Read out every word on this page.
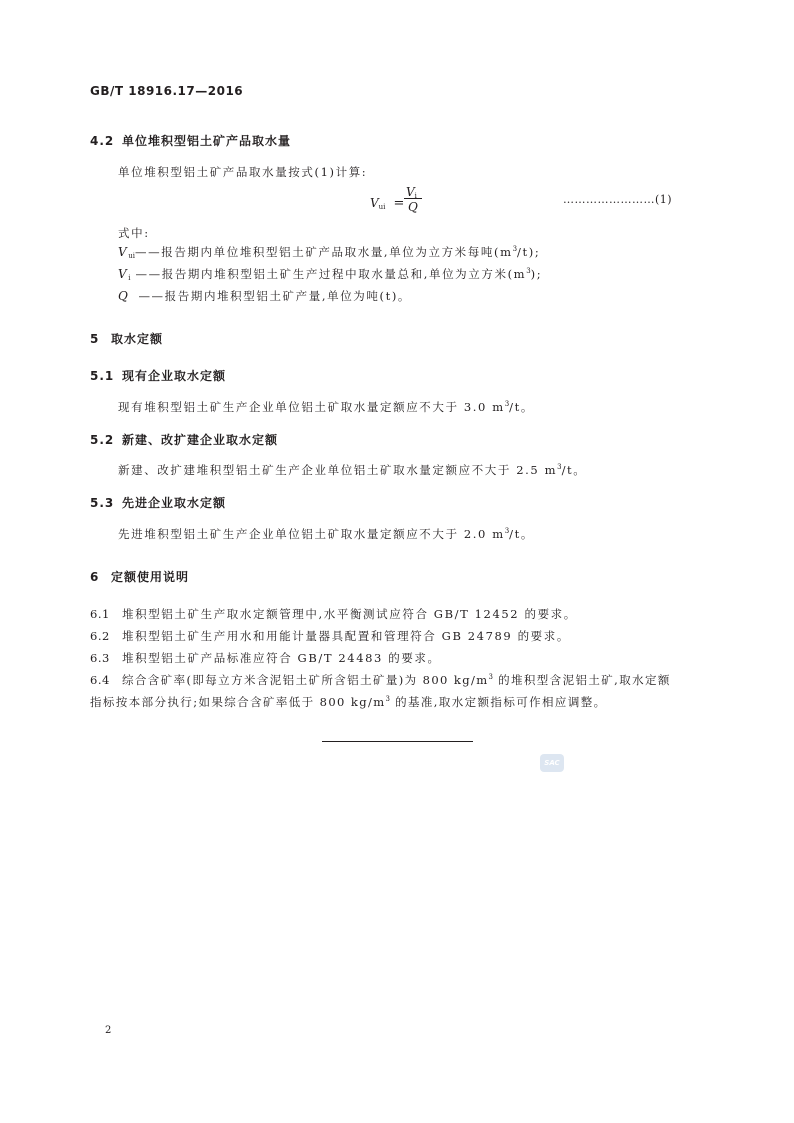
GB/T 18916.17—2016
4.2 单位堆积型铝土矿产品取水量
单位堆积型铝土矿产品取水量按式(1)计算:
$V_{ui}$ =
$V_i$
Q
……………………(1)
式中:
$V_{ui}——$报告期内单位堆积型铝土矿产品取水量,单位为立方米每吨$(m^3/t)$;
$V_i$ ——报告期内堆积型铝土矿生产过程中取水量总和,单位为立方米$(m^3)$;
Q ——报告期内堆积型铝土矿产量,单位为吨(t)。
5 取水定额
5.1 现有企业取水定额
现有堆积型铝土矿生产企业单位铝土矿取水量定额应不大于 3.0 $m^3/t$。
5.2 新建、改扩建企业取水定额
新建、改扩建堆积型铝土矿生产企业单位铝土矿取水量定额应不大于 2.5 $m^3/t$。
5.3 先进企业取水定额
先进堆积型铝土矿生产企业单位铝土矿取水量定额应不大于 2.0 $m^3/t$。
6 定额使用说明
6.1 堆积型铝土矿生产取水定额管理中,水平衡测试应符合 GB/T 12452 的要求。
6.2 堆积型铝土矿生产用水和用能计量器具配置和管理符合 GB 24789 的要求。
6.3 堆积型铝土矿产品标准应符合 GB/T 24483 的要求。
6.4 综合含矿率(即每立方米含泥铝土矿所含铝土矿量)为 800 $kg/m^3$ 的堆积型含泥铝土矿,取水定额
指标按本部分执行;如果综合含矿率低于 800 $kg/m^3$ 的基准,取水定额指标可作相应调整。
SAC
2
